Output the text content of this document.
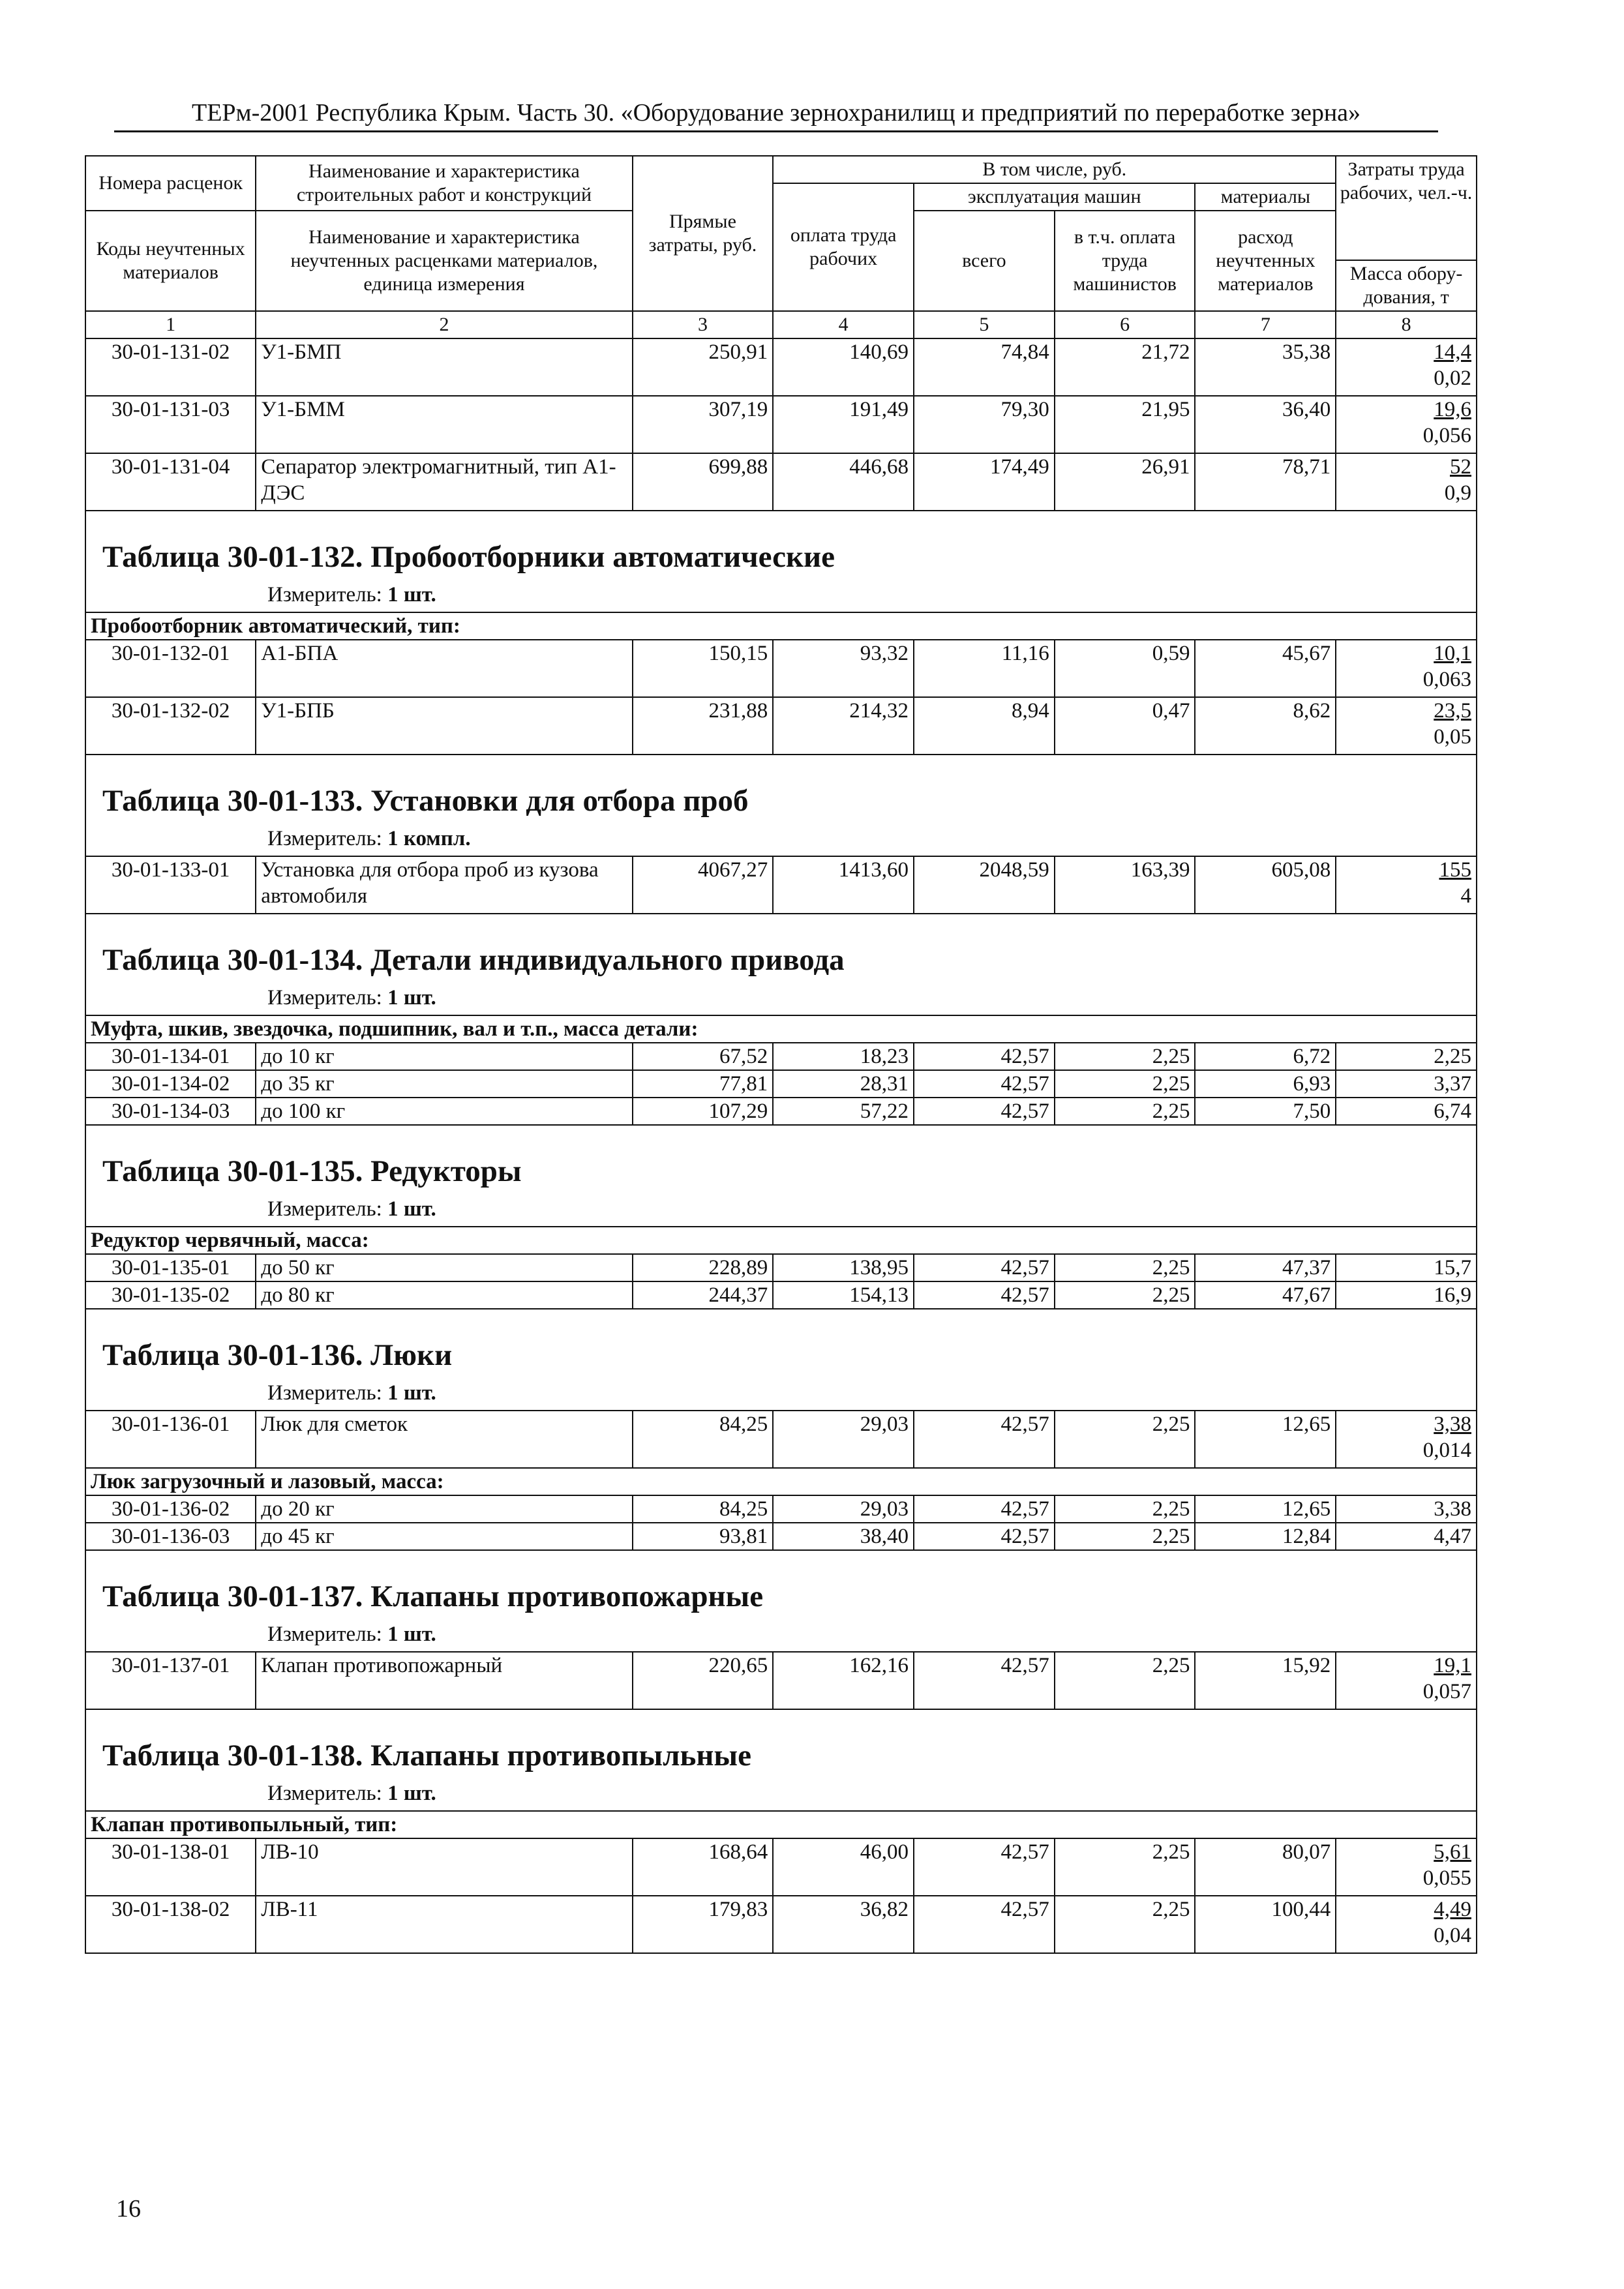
ТЕРм-2001 Республика Крым. Часть 30. «Оборудование зернохранилищ и предприятий по переработке зерна»
Номера расценок	Наименование и характеристика строительных работ и конструкций	Прямые затраты, руб.	В том числе, руб.				Затраты труда рабочих, чел.-ч.
			оплата труда рабочих	эксплуатация машин		материалы	
Коды неучтенных материалов	Наименование и характеристика неучтенных расценками материалов, единица измерения			всего	в т.ч. оплата труда машинистов	расход неучтенных материалов	
							Масса обору-дования, т
1	2	3	4	5	6	7	8
30-01-131-02	У1-БМП	250,91	140,69	74,84	21,72	35,38	14,4
0,02
30-01-131-03	У1-БММ	307,19	191,49	79,30	21,95	36,40	19,6
0,056
30-01-131-04	Сепаратор электромагнитный, тип А1-ДЭС	699,88	446,68	174,49	26,91	78,71	52
0,9

Таблица 30-01-132. Пробоотборники автоматические
Измеритель: 1 шт.							

Пробоотборник автоматический, тип:							
30-01-132-01	А1-БПА	150,15	93,32	11,16	0,59	45,67	10,1
0,063
30-01-132-02	У1-БПБ	231,88	214,32	8,94	0,47	8,62	23,5
0,05

Таблица 30-01-133. Установки для отбора проб
Измеритель: 1 компл.							

30-01-133-01	Установка для отбора проб из кузова автомобиля	4067,27	1413,60	2048,59	163,39	605,08	155
4

Таблица 30-01-134. Детали индивидуального привода
Измеритель: 1 шт.							

Муфта, шкив, звездочка, подшипник, вал и т.п., масса детали:							
30-01-134-01	до 10 кг	67,52	18,23	42,57	2,25	6,72	2,25
30-01-134-02	до 35 кг	77,81	28,31	42,57	2,25	6,93	3,37
30-01-134-03	до 100 кг	107,29	57,22	42,57	2,25	7,50	6,74

Таблица 30-01-135. Редукторы
Измеритель: 1 шт.							

Редуктор червячный, масса:							
30-01-135-01	до 50 кг	228,89	138,95	42,57	2,25	47,37	15,7
30-01-135-02	до 80 кг	244,37	154,13	42,57	2,25	47,67	16,9

Таблица 30-01-136. Люки
Измеритель: 1 шт.							

30-01-136-01	Люк для сметок	84,25	29,03	42,57	2,25	12,65	3,38
0,014
Люк загрузочный и лазовый, масса:							
30-01-136-02	до 20 кг	84,25	29,03	42,57	2,25	12,65	3,38
30-01-136-03	до 45 кг	93,81	38,40	42,57	2,25	12,84	4,47

Таблица 30-01-137. Клапаны противопожарные
Измеритель: 1 шт.							

30-01-137-01	Клапан противопожарный	220,65	162,16	42,57	2,25	15,92	19,1
0,057

Таблица 30-01-138. Клапаны противопыльные
Измеритель: 1 шт.							

Клапан противопыльный, тип:							
30-01-138-01	ЛВ-10	168,64	46,00	42,57	2,25	80,07	5,61
0,055
30-01-138-02	ЛВ-11	179,83	36,82	42,57	2,25	100,44	4,49
0,04
16
